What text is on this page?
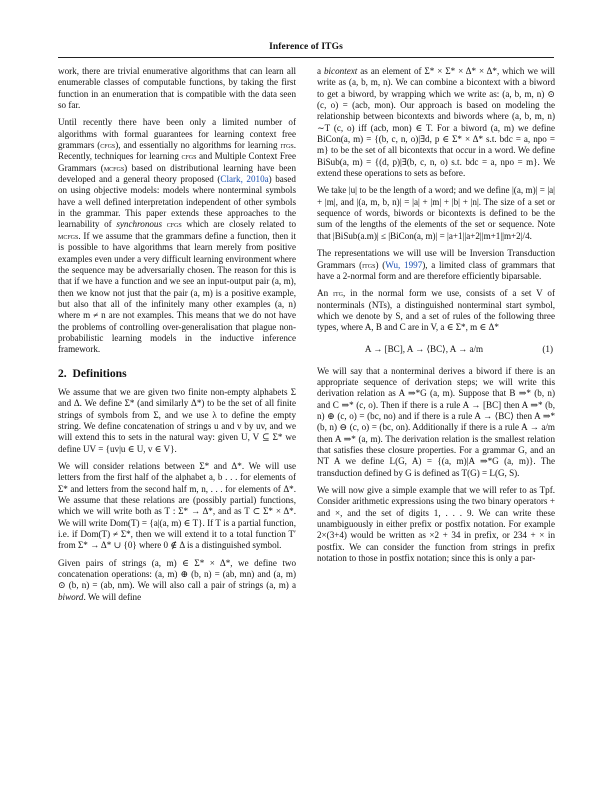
Inference of ITGs

work, there are trivial enumerative algorithms that can learn all enumerable classes of computable functions, by taking the first function in an enumeration that is compatible with the data seen so far.

Until recently there have been only a limited number of algorithms with formal guarantees for learning context free grammars (cfgs), and essentially no algorithms for learning itgs. Recently, techniques for learning cfgs and Multiple Context Free Grammars (mcfgs) based on distributional learning have been developed and a general theory proposed (Clark, 2010a) based on using objective models: models where nonterminal symbols have a well defined interpretation independent of other symbols in the grammar. This paper extends these approaches to the learnability of synchronous cfgs which are closely related to mcfgs. If we assume that the grammars define a function, then it is possible to have algorithms that learn merely from positive examples even under a very difficult learning environment where the sequence may be adversarially chosen. The reason for this is that if we have a function and we see an input-output pair (a, m), then we know not just that the pair (a, m) is a positive example, but also that all of the infinitely many other examples (a, n) where m ≠ n are not examples. This means that we do not have the problems of controlling over-generalisation that plague non-probabilistic learning models in the inductive inference framework.

2. Definitions

We assume that we are given two finite non-empty alphabets Σ and Δ. We define Σ* (and similarly Δ*) to be the set of all finite strings of symbols from Σ, and we use λ to define the empty string. We define concatenation of strings u and v by uv, and we will extend this to sets in the natural way: given U, V ⊆ Σ* we define UV = {uv|u ∈ U, v ∈ V}.

We will consider relations between Σ* and Δ*. We will use letters from the first half of the alphabet a, b . . . for elements of Σ* and letters from the second half m, n, . . . for elements of Δ*. We assume that these relations are (possibly partial) functions, which we will write both as T : Σ* → Δ*, and as T ⊂ Σ* × Δ*. We will write Dom(T) = {a|(a, m) ∈ T}. If T is a partial function, i.e. if Dom(T) ≠ Σ*, then we will extend it to a total function T′ from Σ* → Δ* ∪ {0} where 0 ∉ Δ is a distinguished symbol.

Given pairs of strings (a, m) ∈ Σ* × Δ*, we define two concatenation operations: (a, m) ⊕ (b, n) = (ab, mn) and (a, m) ⊙ (b, n) = (ab, nm). We will also call a pair of strings (a, m) a biword. We will define

a bicontext as an element of Σ* × Σ* × Δ* × Δ*, which we will write as (a, b, m, n). We can combine a bicontext with a biword to get a biword, by wrapping which we write as: (a, b, m, n) ⊙ (c, o) = (acb, mon). Our approach is based on modeling the relationship between bicontexts and biwords where (a, b, m, n) ∼T (c, o) iff (acb, mon) ∈ T. For a biword (a, m) we define BiCon(a, m) = {(b, c, n, o)|∃d, p ∈ Σ* × Δ* s.t. bdc = a, npo = m} to be the set of all bicontexts that occur in a word. We define BiSub(a, m) = {(d, p)|∃(b, c, n, o) s.t. bdc = a, npo = m}. We extend these operations to sets as before.

We take |u| to be the length of a word; and we define |(a, m)| = |a| + |m|, and |(a, m, b, n)| = |a| + |m| + |b| + |n|. The size of a set or sequence of words, biwords or bicontexts is defined to be the sum of the lengths of the elements of the set or sequence. Note that |BiSub(a.m)| ≤ |BiCon(a, m)| = |a+1||a+2||m+1||m+2|/4.

The representations we will use will be Inversion Transduction Grammars (itgs) (Wu, 1997), a limited class of grammars that have a 2-normal form and are therefore efficiently biparsable.

An itg, in the normal form we use, consists of a set V of nonterminals (NTs), a distinguished nonterminal start symbol, which we denote by S, and a set of rules of the following three types, where A, B and C are in V, a ∈ Σ*, m ∈ Δ*

A → [BC], A → ⟨BC⟩, A → a/m	(1)

We will say that a nonterminal derives a biword if there is an appropriate sequence of derivation steps; we will write this derivation relation as A ⇒*G (a, m). Suppose that B ⇒* (b, n) and C ⇒* (c, o). Then if there is a rule A → [BC] then A ⇒* (b, n) ⊕ (c, o) = (bc, no) and if there is a rule A → ⟨BC⟩ then A ⇒* (b, n) ⊖ (c, o) = (bc, on). Additionally if there is a rule A → a/m then A ⇒* (a, m). The derivation relation is the smallest relation that satisfies these closure properties. For a grammar G, and an NT A we define L(G, A) = {(a, m)|A ⇒*G (a, m)}. The transduction defined by G is defined as T(G) = L(G, S).

We will now give a simple example that we will refer to as Tpf. Consider arithmetic expressions using the two binary operators + and ×, and the set of digits 1, . . . 9. We can write these unambiguously in either prefix or postfix notation. For example 2×(3+4) would be written as ×2 + 34 in prefix, or 234 + × in postfix. We can consider the function from strings in prefix notation to those in postfix notation; since this is only a par-
